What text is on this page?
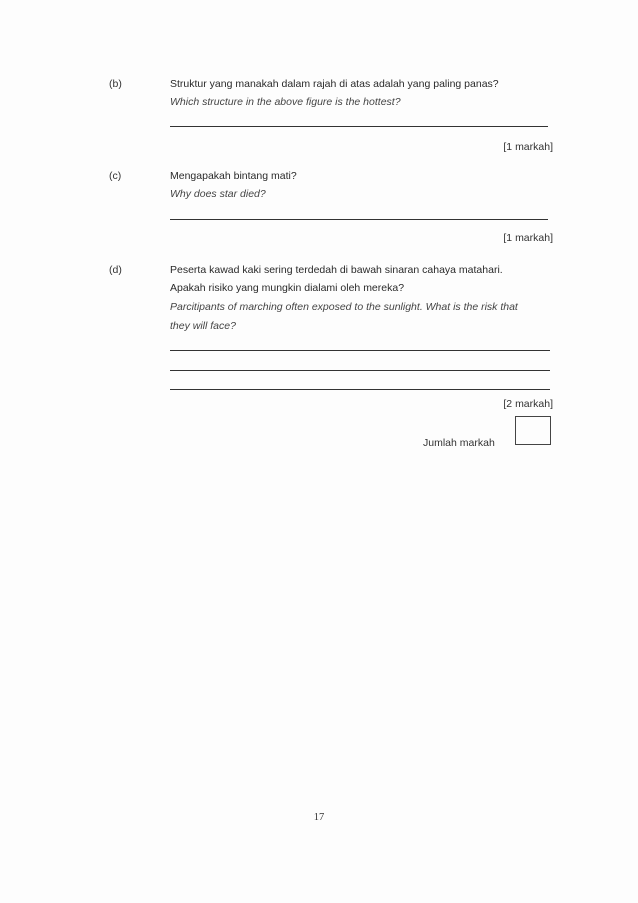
(b)	Struktur yang manakah dalam rajah di atas adalah yang paling panas?
Which structure in the above figure is the hottest?
[1 markah]
(c)	Mengapakah bintang mati?
Why does star died?
[1 markah]
(d)	Peserta kawad kaki sering terdedah di bawah sinaran cahaya matahari.
Apakah risiko yang mungkin dialami oleh mereka?
Parcitipants of marching often exposed to the sunlight. What is the risk that
they will face?
[2 markah]
Jumlah markah
17
